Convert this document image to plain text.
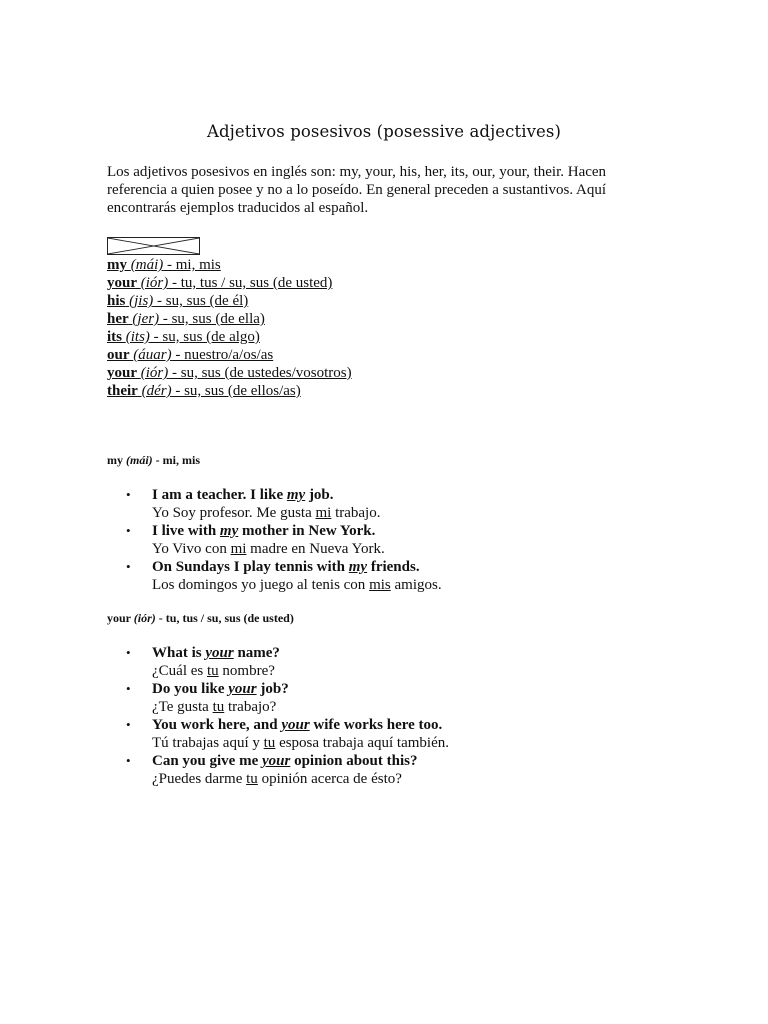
Adjetivos posesivos (posessive adjectives)

Los adjetivos posesivos en inglés son: my, your, his, her, its, our, your, their. Hacen referencia a quien posee y no a lo poseído. En general preceden a sustantivos. Aquí encontrarás ejemplos traducidos al español.

my (mái) - mi, mis
your (iór) - tu, tus / su, sus (de usted)
his (jis) - su, sus (de él)
her (jer) - su, sus (de ella)
its (its) - su, sus (de algo)
our (áuar) - nuestro/a/os/as
your (iór) - su, sus (de ustedes/vosotros)
their (dér) - su, sus (de ellos/as)

my (mái) - mi, mis

• I am a teacher. I like my job.
Yo Soy profesor. Me gusta mi trabajo.
• I live with my mother in New York.
Yo Vivo con mi madre en Nueva York.
• On Sundays I play tennis with my friends.
Los domingos yo juego al tenis con mis amigos.

your (iór) - tu, tus / su, sus (de usted)

• What is your name?
¿Cuál es tu nombre?
• Do you like your job?
¿Te gusta tu trabajo?
• You work here, and your wife works here too.
Tú trabajas aquí y tu esposa trabaja aquí también.
• Can you give me your opinion about this?
¿Puedes darme tu opinión acerca de ésto?
